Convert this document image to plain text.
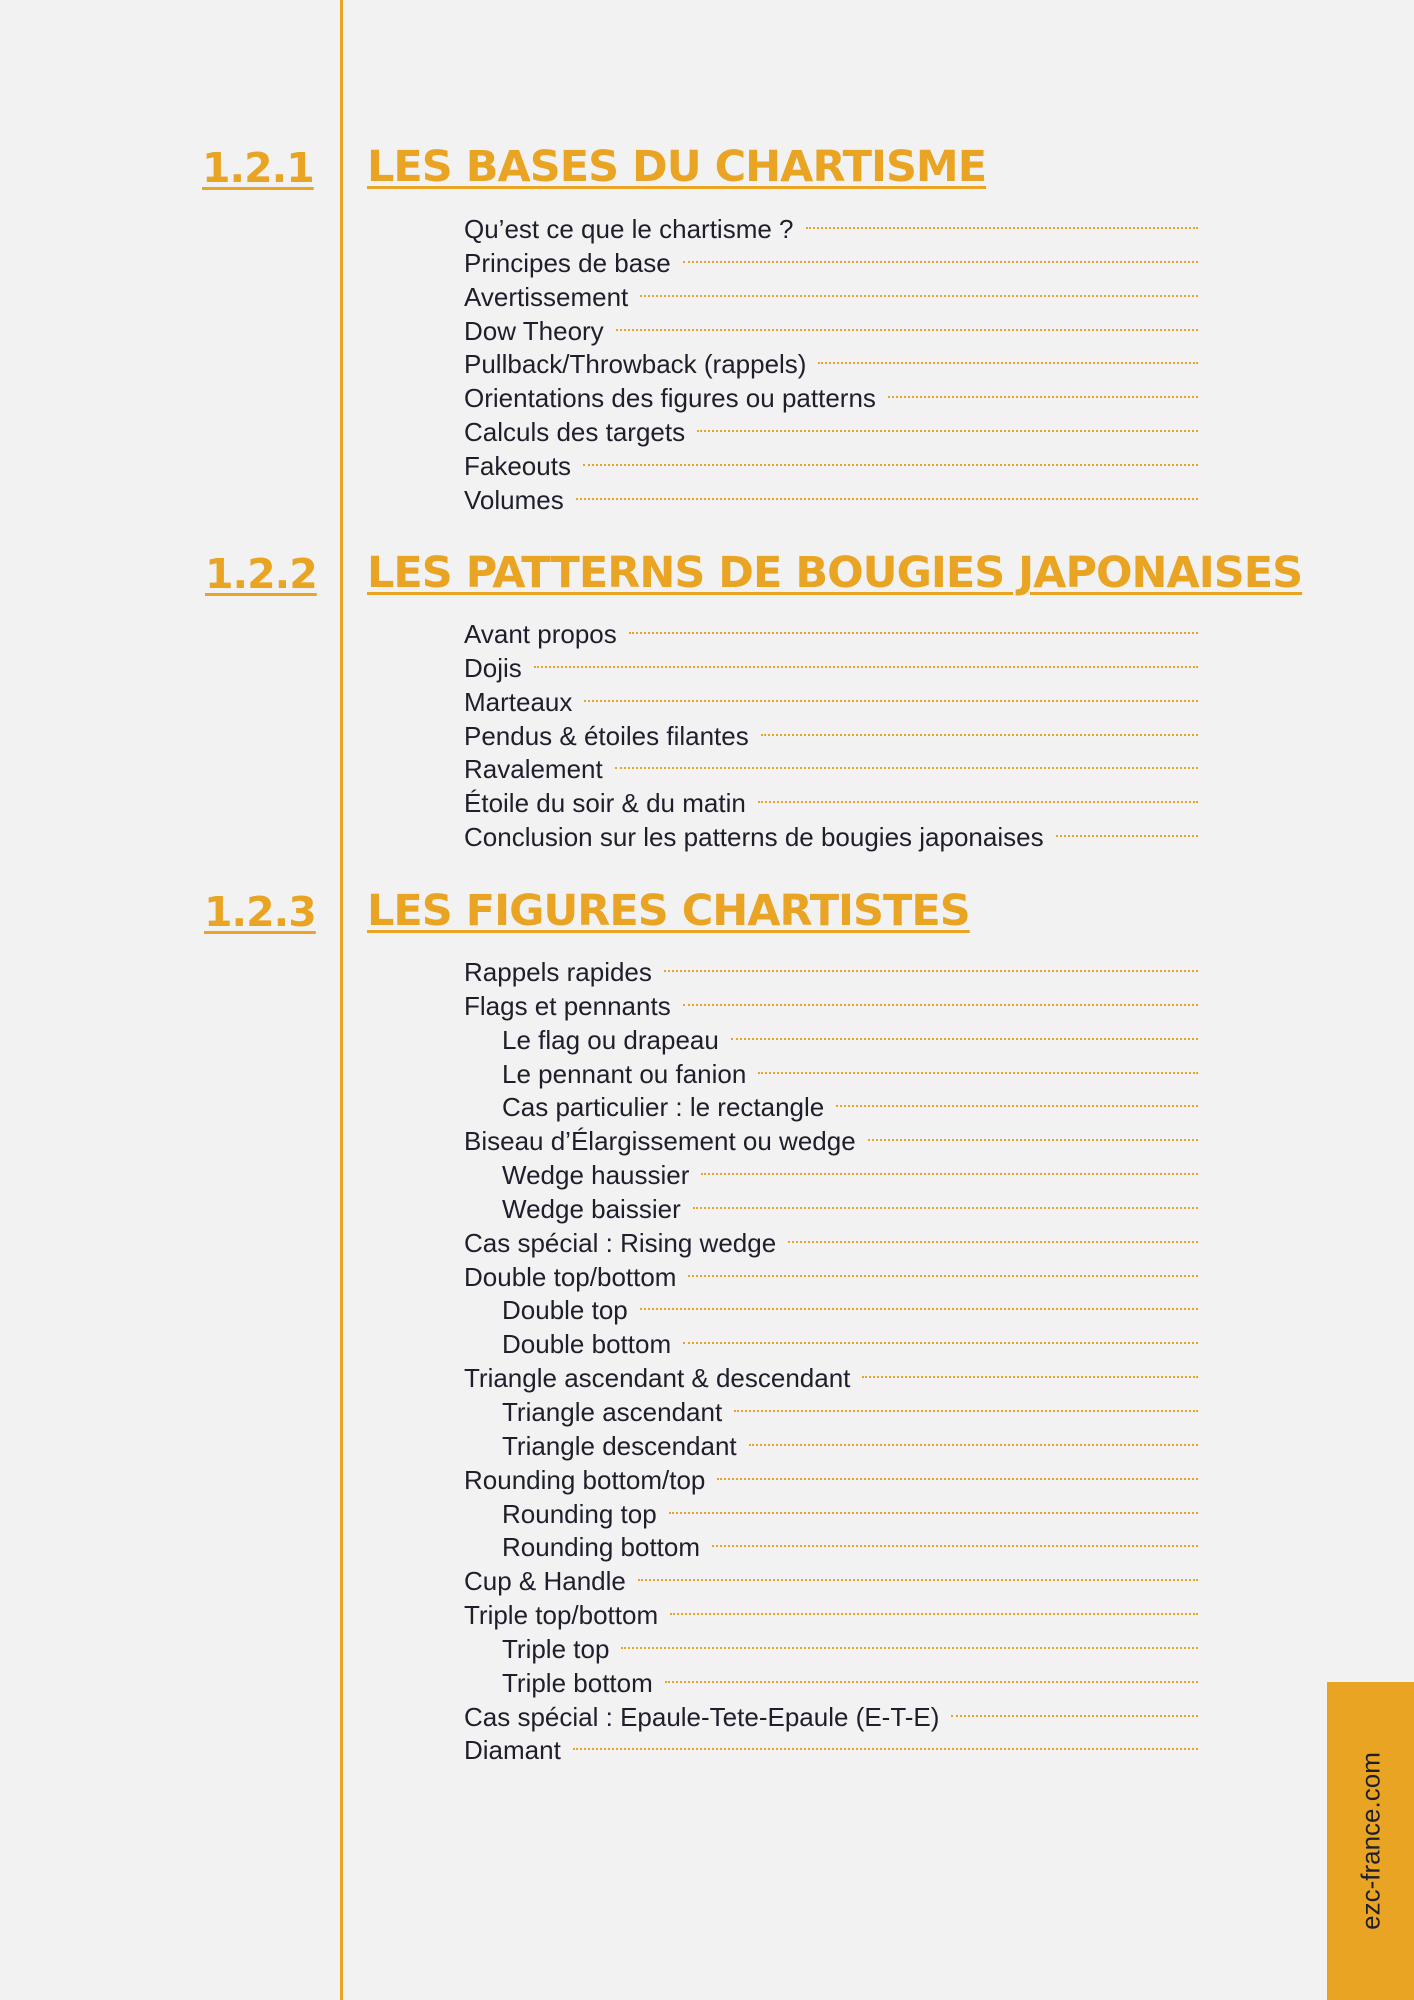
1.2.1 LES BASES DU CHARTISME
Qu’est ce que le chartisme ?
Principes de base
Avertissement
Dow Theory
Pullback/Throwback (rappels)
Orientations des figures ou patterns
Calculs des targets
Fakeouts
Volumes
1.2.2 LES PATTERNS DE BOUGIES JAPONAISES
Avant propos
Dojis
Marteaux
Pendus & étoiles filantes
Ravalement
Étoile du soir & du matin
Conclusion sur les patterns de bougies japonaises
1.2.3 LES FIGURES CHARTISTES
Rappels rapides
Flags et pennants
Le flag ou drapeau
Le pennant ou fanion
Cas particulier : le rectangle
Biseau d’Élargissement ou wedge
Wedge haussier
Wedge baissier
Cas spécial : Rising wedge
Double top/bottom
Double top
Double bottom
Triangle ascendant & descendant
Triangle ascendant
Triangle descendant
Rounding bottom/top
Rounding top
Rounding bottom
Cup & Handle
Triple top/bottom
Triple top
Triple bottom
Cas spécial : Epaule-Tete-Epaule (E-T-E)
Diamant
ezc-france.com
